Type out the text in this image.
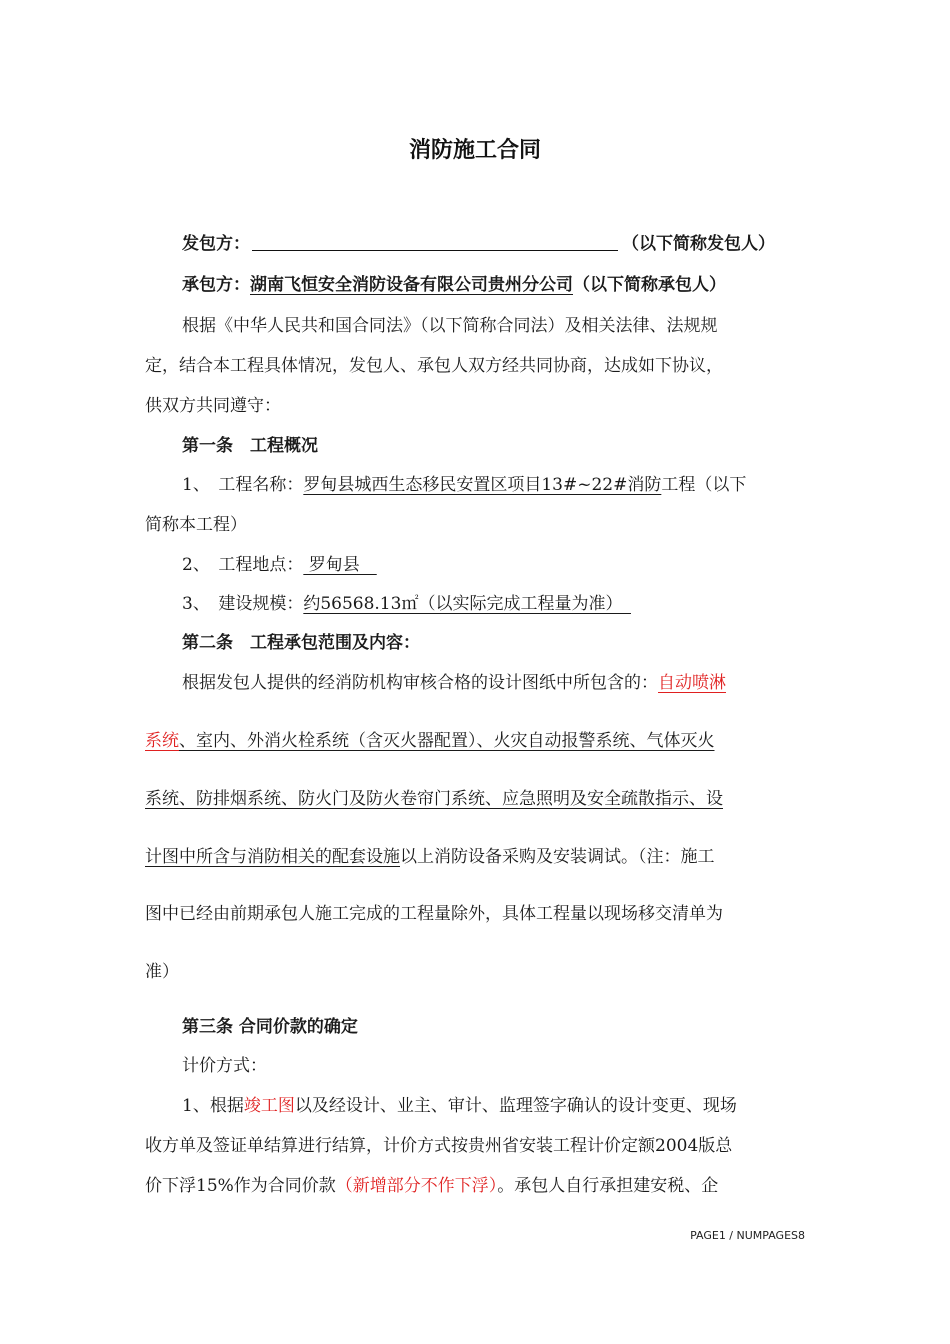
消防施工合同
发包方：	（以下简称发包人）
承包方：湖南飞恒安全消防设备有限公司贵州分公司（以下简称承包人）
根据《中华人民共和国合同法》（以下简称合同法）及相关法律、法规规
定，结合本工程具体情况，发包人、承包人双方经共同协商，达成如下协议，
供双方共同遵守：
第一条　工程概况
1、　工程名称：罗甸县城西生态移民安置区项目13#~22#消防工程（以下
简称本工程）
2、　工程地点： 罗甸县　
3、　建设规模：约56568.13㎡（以实际完成工程量为准）　
第二条　工程承包范围及内容：
根据发包人提供的经消防机构审核合格的设计图纸中所包含的：自动喷淋
系统、室内、外消火栓系统（含灭火器配置）、火灾自动报警系统、气体灭火
系统、防排烟系统、防火门及防火卷帘门系统、应急照明及安全疏散指示、设
计图中所含与消防相关的配套设施以上消防设备采购及安装调试。（注：施工
图中已经由前期承包人施工完成的工程量除外，具体工程量以现场移交清单为
准）
第三条 合同价款的确定
计价方式：
1、根据竣工图以及经设计、业主、审计、监理签字确认的设计变更、现场
收方单及签证单结算进行结算，计价方式按贵州省安装工程计价定额2004版总
价下浮15%作为合同价款（新增部分不作下浮）。承包人自行承担建安税、企
PAGE1 / NUMPAGES8
